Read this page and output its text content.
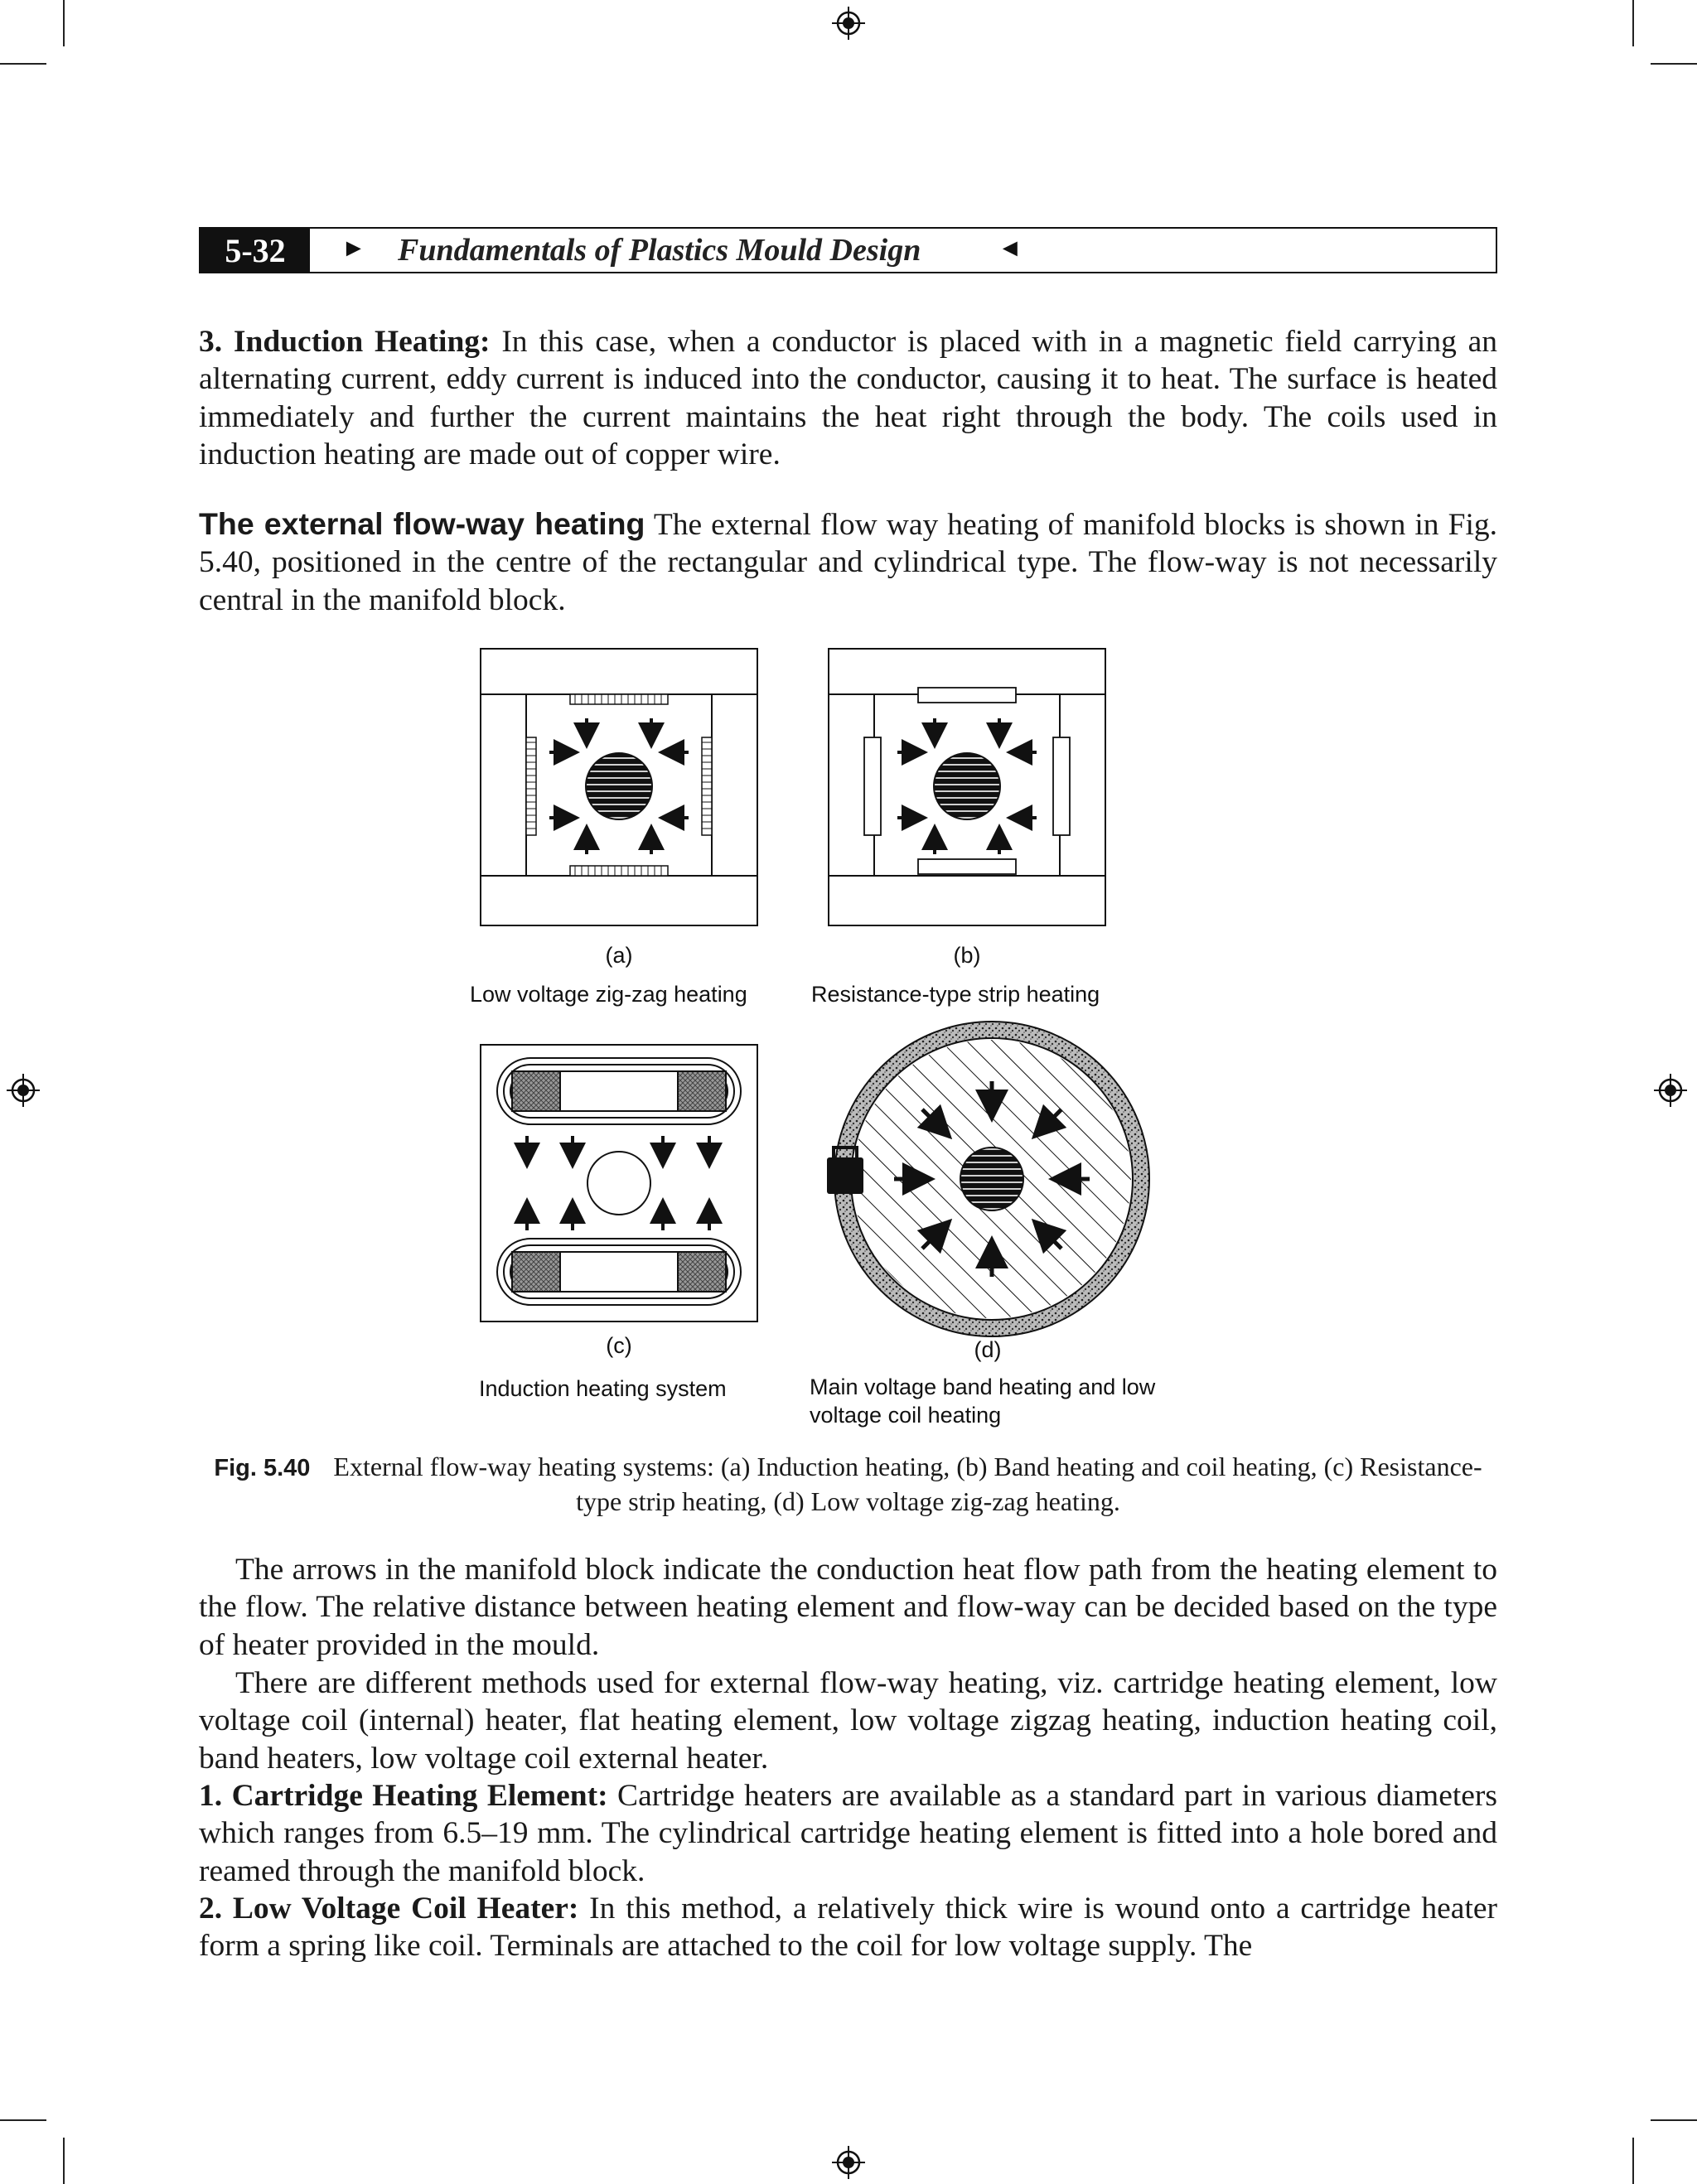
5-32	► Fundamentals of Plastics Mould Design	◄

3. Induction Heating: In this case, when a conductor is placed with in a magnetic field carrying an alternating current, eddy current is induced into the conductor, causing it to heat. The surface is heated immediately and further the current maintains the heat right through the body. The coils used in induction heating are made out of copper wire.

The external flow-way heating The external flow way heating of manifold blocks is shown in Fig. 5.40, positioned in the centre of the rectangular and cylindrical type. The flow-way is not necessarily central in the manifold block.

(a)
Low voltage zig-zag heating
(b)
Resistance-type strip heating
(c)
Induction heating system
(d)
Main voltage band heating and low
voltage coil heating
Fig. 5.40 External flow-way heating systems: (a) Induction heating, (b) Band heating and coil heating, (c) Resistance-type strip heating, (d) Low voltage zig-zag heating.

The arrows in the manifold block indicate the conduction heat flow path from the heating element to the flow. The relative distance between heating element and flow-way can be decided based on the type of heater provided in the mould.

There are different methods used for external flow-way heating, viz. cartridge heating element, low voltage coil (internal) heater, flat heating element, low voltage zigzag heating, induction heating coil, band heaters, low voltage coil external heater.

1. Cartridge Heating Element: Cartridge heaters are available as a standard part in various diameters which ranges from 6.5–19 mm. The cylindrical cartridge heating element is fitted into a hole bored and reamed through the manifold block.

2. Low Voltage Coil Heater: In this method, a relatively thick wire is wound onto a cartridge heater form a spring like coil. Terminals are attached to the coil for low voltage supply. The
